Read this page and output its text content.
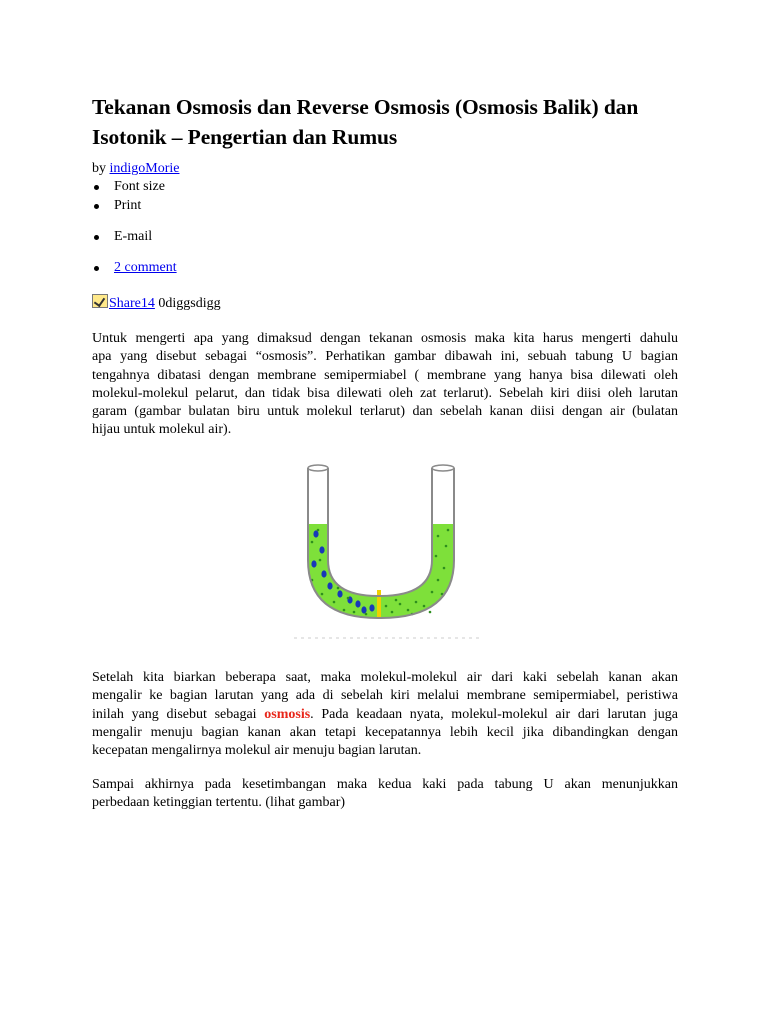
Tekanan Osmosis dan Reverse Osmosis (Osmosis Balik) dan
Isotonik – Pengertian dan Rumus
by indigoMorie
Font size
Print
E-mail
2 comment
Share14 0diggsdigg

Untuk mengerti apa yang dimaksud dengan tekanan osmosis maka kita harus mengerti dahulu
apa yang disebut sebagai “osmosis”. Perhatikan gambar dibawah ini, sebuah tabung U bagian
tengahnya dibatasi dengan membrane semipermiabel ( membrane yang hanya bisa dilewati oleh
molekul-molekul pelarut, dan tidak bisa dilewati oleh zat terlarut). Sebelah kiri diisi oleh larutan
garam (gambar bulatan biru untuk molekul terlarut) dan sebelah kanan diisi dengan air (bulatan
hijau untuk molekul air).

Setelah kita biarkan beberapa saat, maka molekul-molekul air dari kaki sebelah kanan akan
mengalir ke bagian larutan yang ada di sebelah kiri melalui membrane semipermiabel, peristiwa
inilah yang disebut sebagai osmosis. Pada keadaan nyata, molekul-molekul air dari larutan juga
mengalir menuju bagian kanan akan tetapi kecepatannya lebih kecil jika dibandingkan dengan
kecepatan mengalirnya molekul air menuju bagian larutan.

Sampai akhirnya pada kesetimbangan maka kedua kaki pada tabung U akan menunjukkan
perbedaan ketinggian tertentu. (lihat gambar)
